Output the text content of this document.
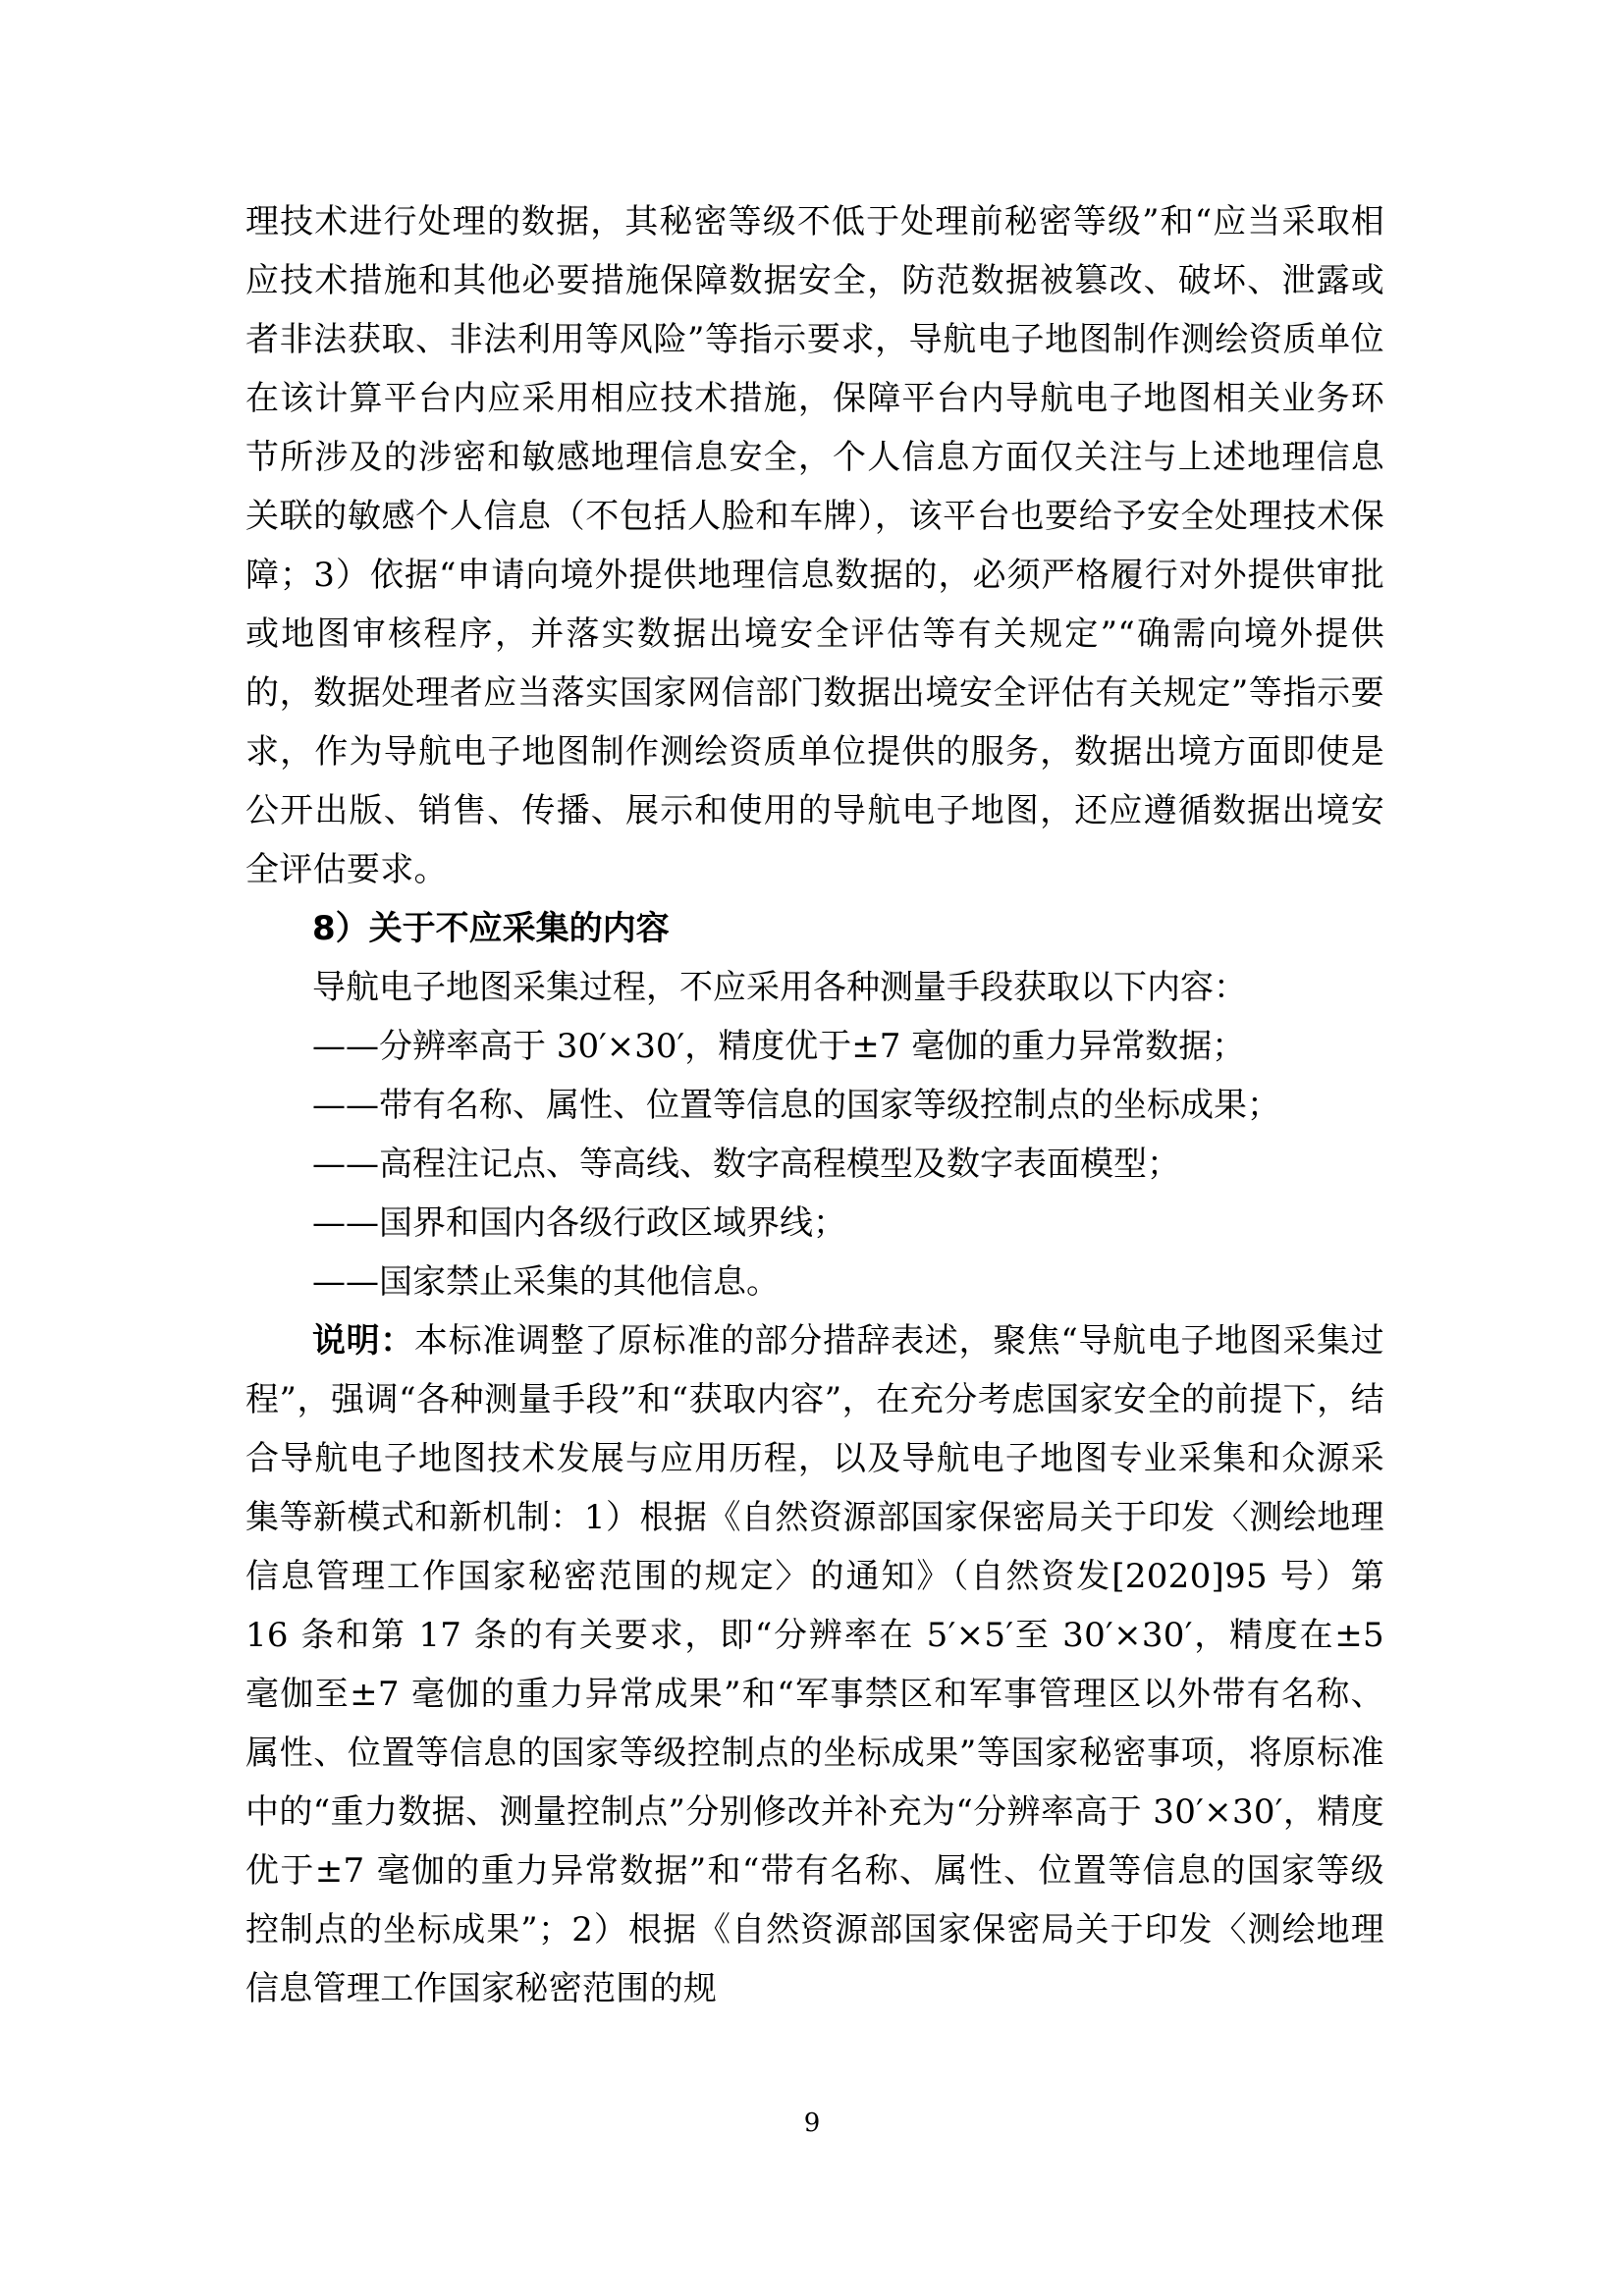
理技术进行处理的数据，其秘密等级不低于处理前秘密等级”和“应当采取相应技术措施和其他必要措施保障数据安全，防范数据被篡改、破坏、泄露或者非法获取、非法利用等风险”等指示要求，导航电子地图制作测绘资质单位在该计算平台内应采用相应技术措施，保障平台内导航电子地图相关业务环节所涉及的涉密和敏感地理信息安全，个人信息方面仅关注与上述地理信息关联的敏感个人信息（不包括人脸和车牌），该平台也要给予安全处理技术保障；3）依据“申请向境外提供地理信息数据的，必须严格履行对外提供审批或地图审核程序，并落实数据出境安全评估等有关规定”“确需向境外提供的，数据处理者应当落实国家网信部门数据出境安全评估有关规定”等指示要求，作为导航电子地图制作测绘资质单位提供的服务，数据出境方面即使是公开出版、销售、传播、展示和使用的导航电子地图，还应遵循数据出境安全评估要求。

8）关于不应采集的内容

导航电子地图采集过程，不应采用各种测量手段获取以下内容：

——分辨率高于 30′×30′，精度优于±7 毫伽的重力异常数据；

——带有名称、属性、位置等信息的国家等级控制点的坐标成果；

——高程注记点、等高线、数字高程模型及数字表面模型；

——国界和国内各级行政区域界线；

——国家禁止采集的其他信息。

说明：本标准调整了原标准的部分措辞表述，聚焦“导航电子地图采集过程”，强调“各种测量手段”和“获取内容”，在充分考虑国家安全的前提下，结合导航电子地图技术发展与应用历程，以及导航电子地图专业采集和众源采集等新模式和新机制：1）根据《自然资源部国家保密局关于印发〈测绘地理信息管理工作国家秘密范围的规定〉的通知》（自然资发[2020]95 号）第 16 条和第 17 条的有关要求，即“分辨率在 5′×5′至 30′×30′，精度在±5 毫伽至±7 毫伽的重力异常成果”和“军事禁区和军事管理区以外带有名称、属性、位置等信息的国家等级控制点的坐标成果”等国家秘密事项，将原标准中的“重力数据、测量控制点”分别修改并补充为“分辨率高于 30′×30′，精度优于±7 毫伽的重力异常数据”和“带有名称、属性、位置等信息的国家等级控制点的坐标成果”；2）根据《自然资源部国家保密局关于印发〈测绘地理信息管理工作国家秘密范围的规

9
